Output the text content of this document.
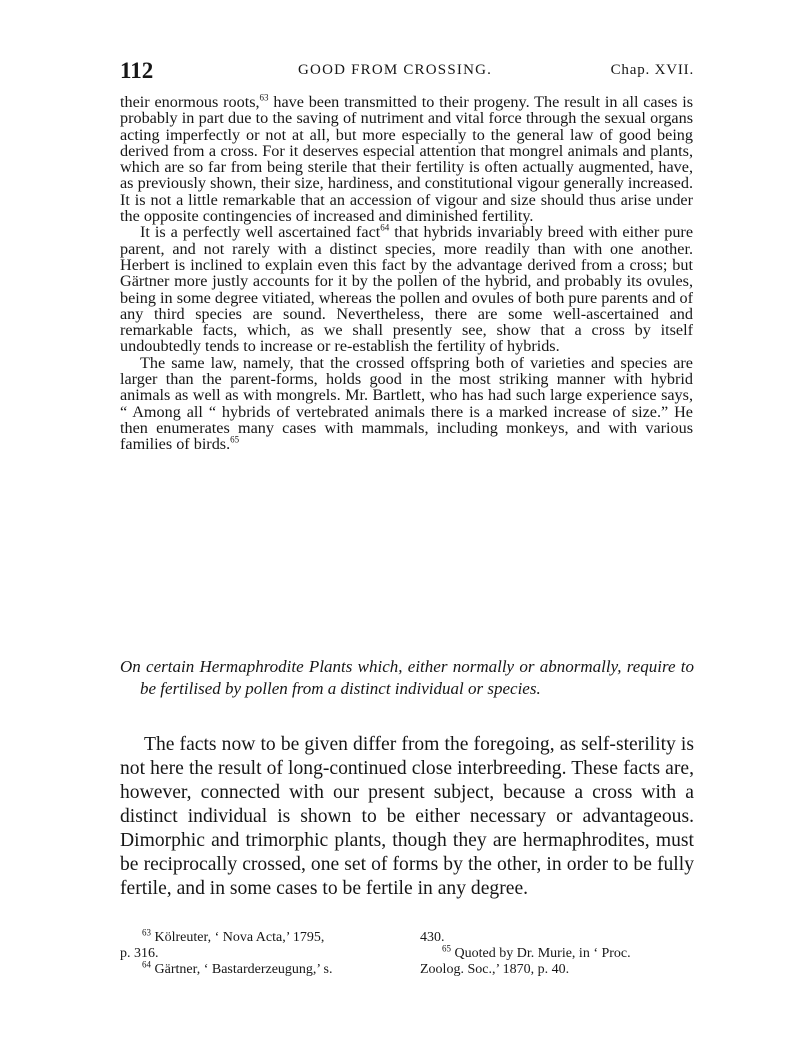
112	GOOD FROM CROSSING.	Chap. XVII.

their enormous roots,$^{63}$ have been transmitted to their progeny. The result in all cases is probably in part due to the saving of nutriment and vital force through the sexual organs acting imperfectly or not at all, but more especially to the general law of good being derived from a cross. For it deserves especial attention that mongrel animals and plants, which are so far from being sterile that their fertility is often actually augmented, have, as previously shown, their size, hardiness, and constitutional vigour generally increased. It is not a little remarkable that an accession of vigour and size should thus arise under the opposite contingencies of increased and diminished fertility.

It is a perfectly well ascertained fact$^{64}$ that hybrids invariably breed with either pure parent, and not rarely with a distinct species, more readily than with one another. Herbert is inclined to explain even this fact by the advantage derived from a cross; but Gärtner more justly accounts for it by the pollen of the hybrid, and probably its ovules, being in some degree vitiated, whereas the pollen and ovules of both pure parents and of any third species are sound. Nevertheless, there are some well-ascertained and remarkable facts, which, as we shall presently see, show that a cross by itself undoubtedly tends to increase or re-establish the fertility of hybrids.

The same law, namely, that the crossed offspring both of varieties and species are larger than the parent-forms, holds good in the most striking manner with hybrid animals as well as with mongrels. Mr. Bartlett, who has had such large experience says, “ Among all “ hybrids of vertebrated animals there is a marked increase of size.” He then enumerates many cases with mammals, including monkeys, and with various families of birds.$^{65}$

On certain Hermaphrodite Plants which, either normally or abnormally, require to be fertilised by pollen from a distinct individual or species.

The facts now to be given differ from the foregoing, as self-sterility is not here the result of long-continued close interbreeding. These facts are, however, connected with our present subject, because a cross with a distinct individual is shown to be either necessary or advantageous. Dimorphic and trimorphic plants, though they are hermaphrodites, must be reciprocally crossed, one set of forms by the other, in order to be fully fertile, and in some cases to be fertile in any degree.

$^{63}$ Kölreuter, ‘ Nova Acta,’ 1795,	430.
p. 316.
$^{64}$ Gärtner, ‘ Bastarderzeugung,’ s.
$^{65}$ Quoted by Dr. Murie, in ‘ Proc.
Zoolog. Soc.,’ 1870, p. 40.
